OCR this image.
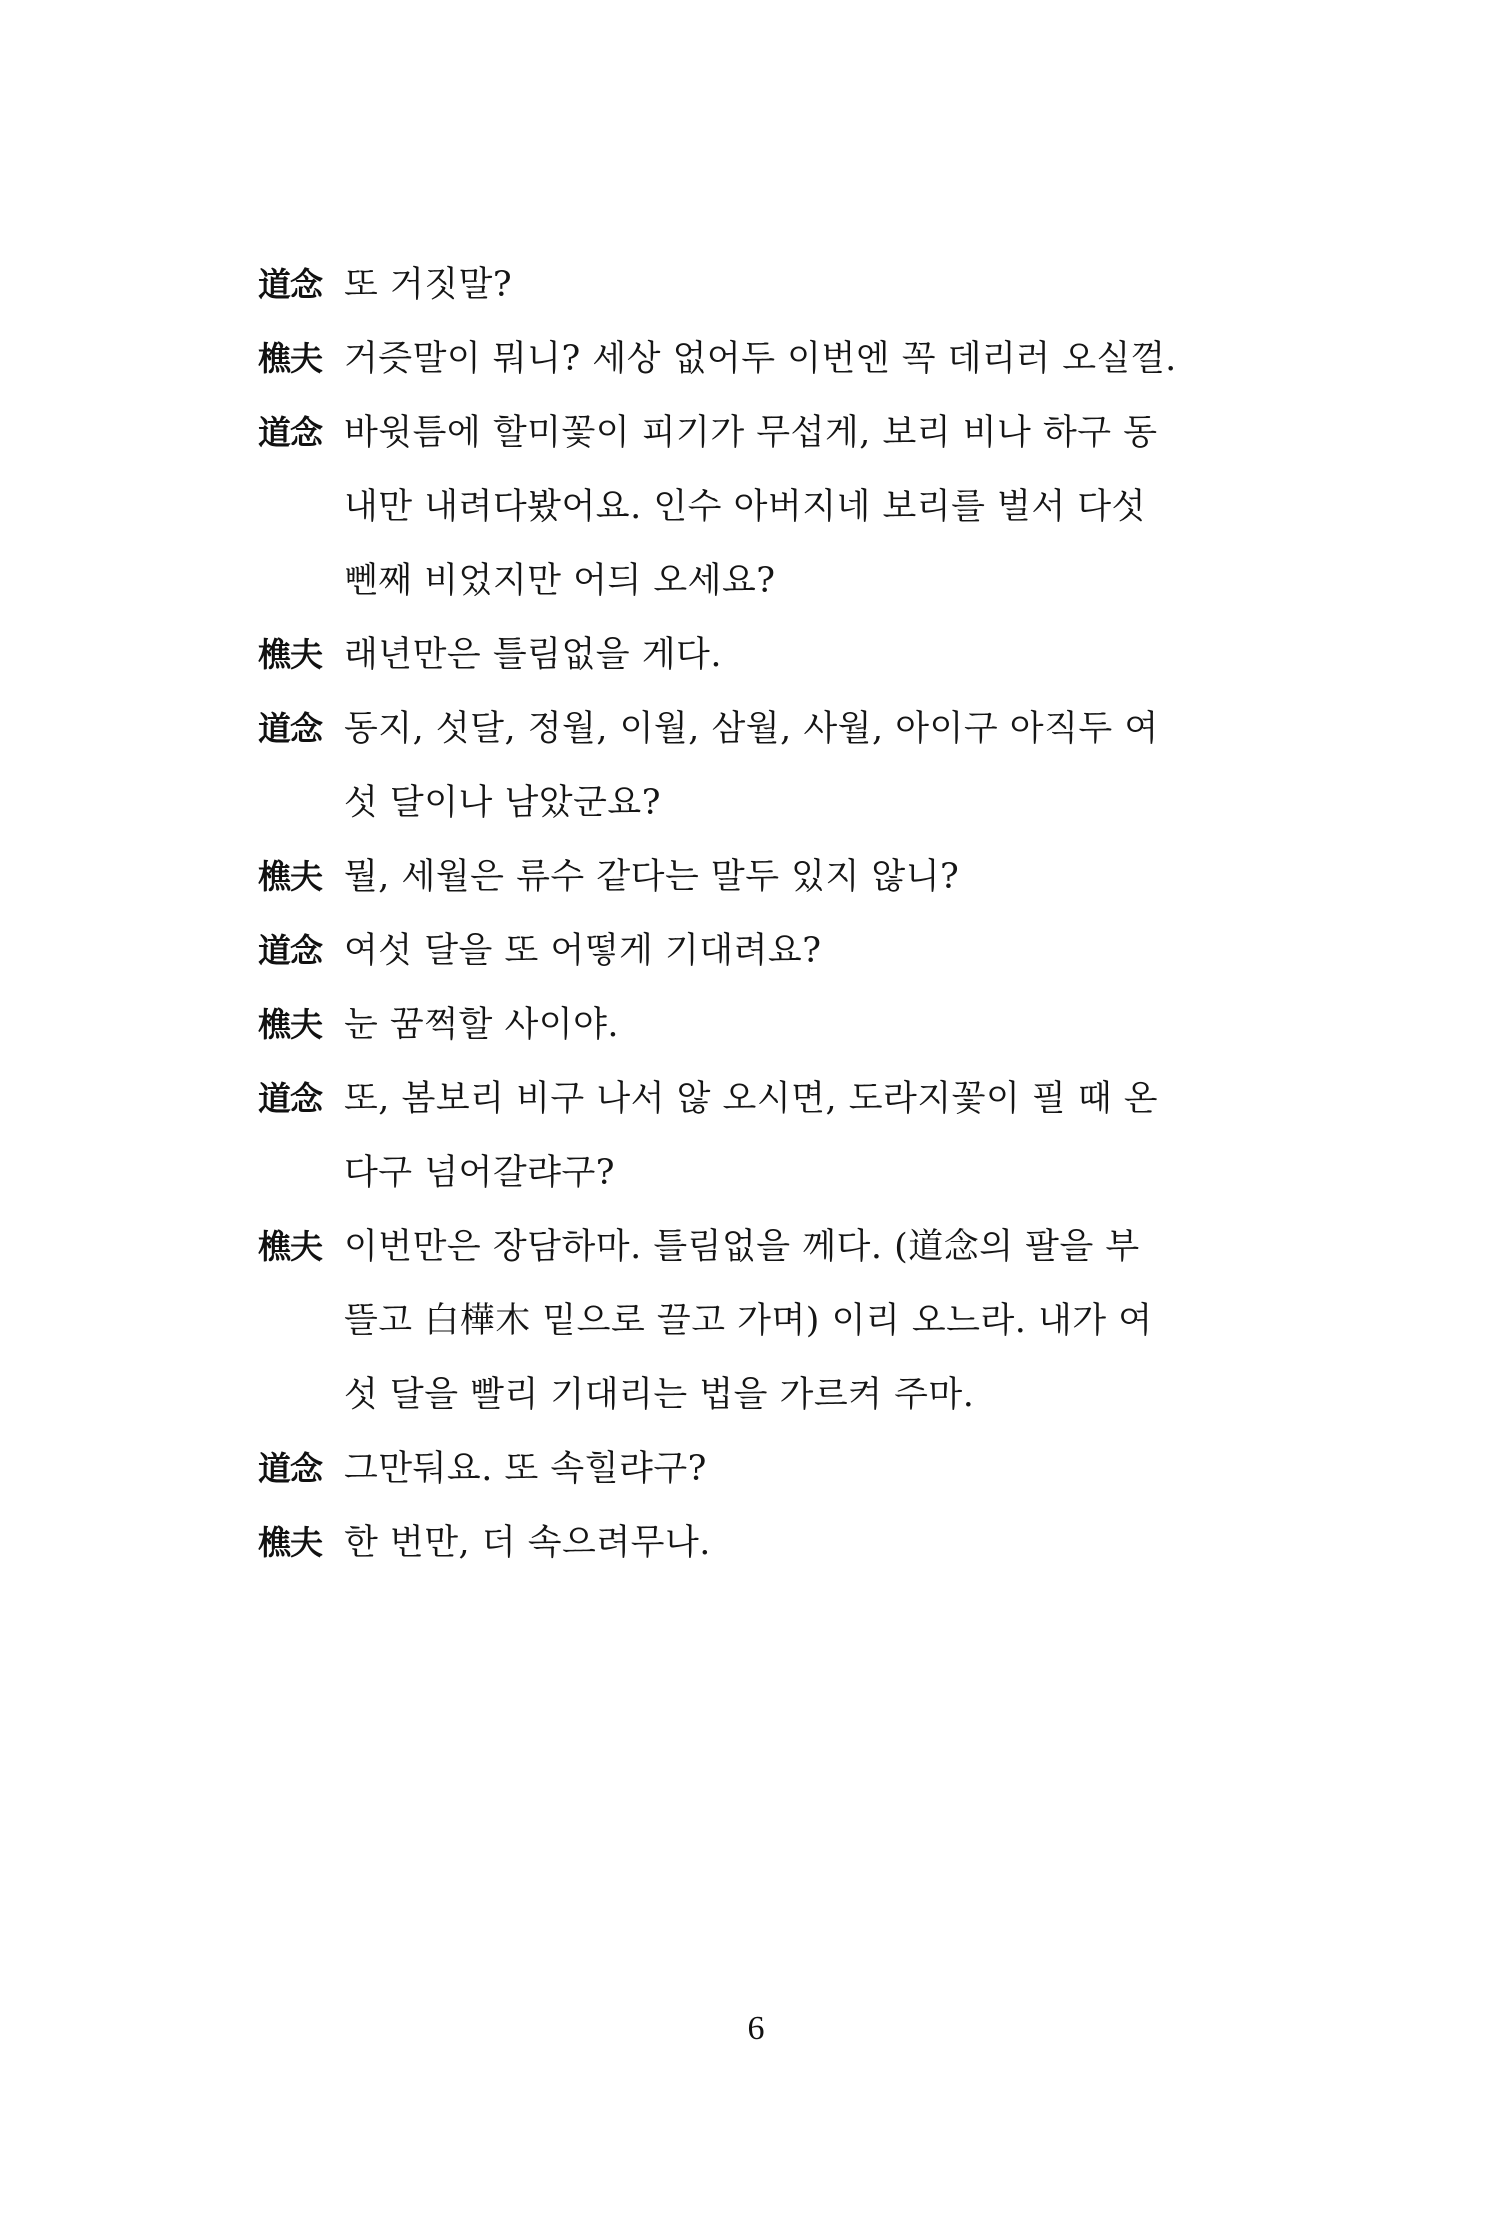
道念 또 거짓말?
樵夫 거즛말이 뭐니? 세상 없어두 이번엔 꼭 데리러 오실껄.
道念 바윗틈에 할미꽃이 피기가 무섭게, 보리 비나 하구 동
내만 내려다봤어요. 인수 아버지네 보리를 벌서 다섯
뻰째 비었지만 어듸 오세요?
樵夫 래년만은 틀림없을 게다.
道念 동지, 섯달, 정월, 이월, 삼월, 사월, 아이구 아직두 여
섯 달이나 남았군요?
樵夫 뭘, 세월은 류수 같다는 말두 있지 않니?
道念 여섯 달을 또 어떻게 기대려요?
樵夫 눈 꿈쩍할 사이야.
道念 또, 봄보리 비구 나서 않 오시면, 도라지꽃이 필 때 온
다구 넘어갈랴구?
樵夫 이번만은 장담하마. 틀림없을 께다. (道念의 팔을 부
뜰고 白樺木 밑으로 끌고 가며) 이리 오느라. 내가 여
섯 달을 빨리 기대리는 법을 가르켜 주마.
道念 그만둬요. 또 속힐랴구?
樵夫 한 번만, 더 속으려무나.
6
